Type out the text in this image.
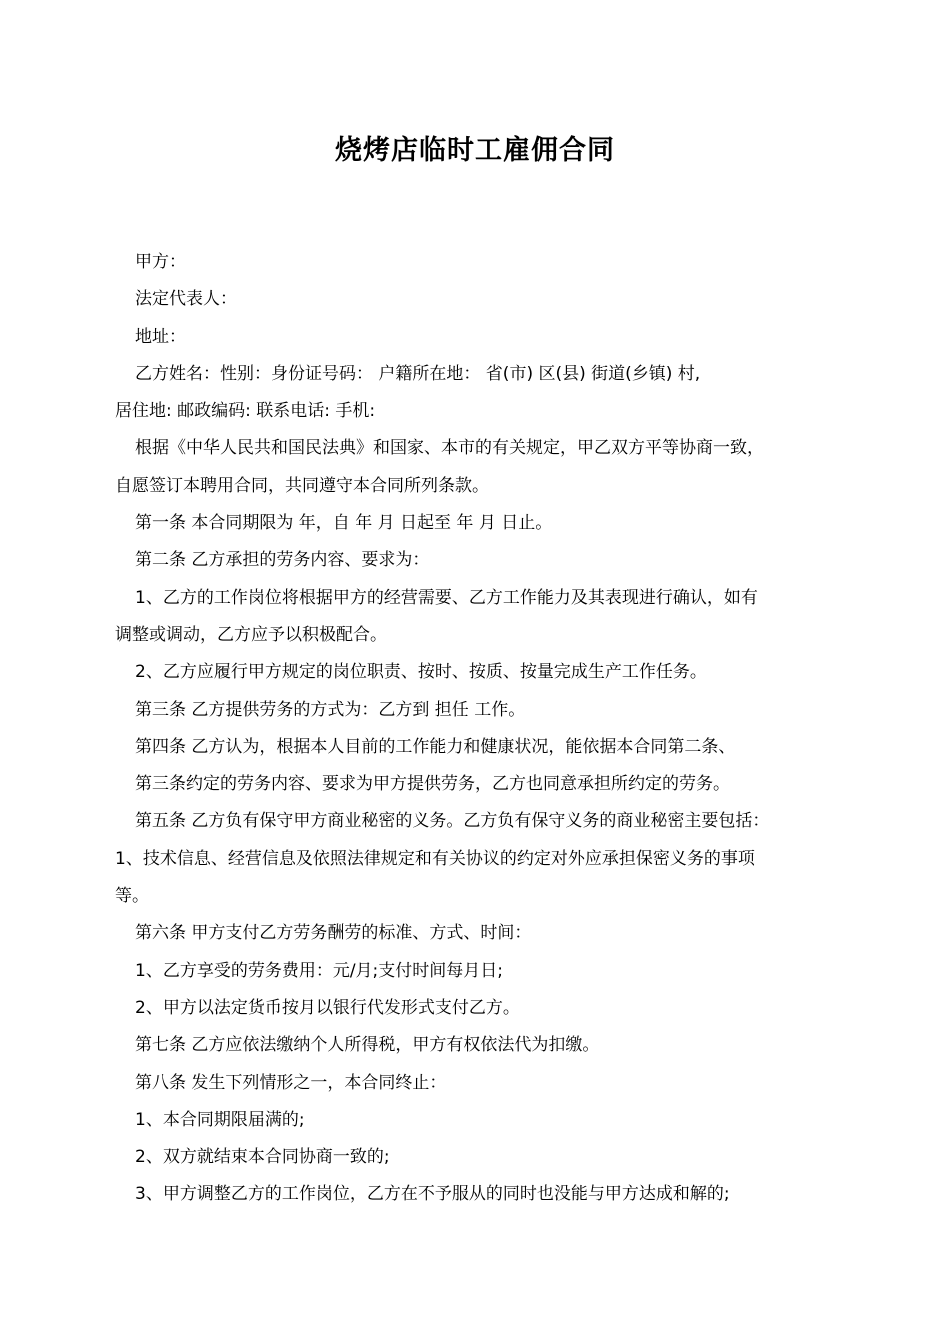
烧烤店临时工雇佣合同

甲方：

法定代表人：

地址：

乙方姓名：性别：身份证号码： 户籍所在地： 省(市) 区(县) 街道(乡镇) 村,

居住地: 邮政编码: 联系电话: 手机:

根据《中华人民共和国民法典》和国家、本市的有关规定，甲乙双方平等协商一致，

自愿签订本聘用合同，共同遵守本合同所列条款。

第一条 本合同期限为 年，自 年 月 日起至 年 月 日止。

第二条 乙方承担的劳务内容、要求为：

1、乙方的工作岗位将根据甲方的经营需要、乙方工作能力及其表现进行确认，如有

调整或调动，乙方应予以积极配合。

2、乙方应履行甲方规定的岗位职责、按时、按质、按量完成生产工作任务。

第三条 乙方提供劳务的方式为：乙方到 担任 工作。

第四条 乙方认为，根据本人目前的工作能力和健康状况，能依据本合同第二条、

第三条约定的劳务内容、要求为甲方提供劳务，乙方也同意承担所约定的劳务。

第五条 乙方负有保守甲方商业秘密的义务。乙方负有保守义务的商业秘密主要包括：

1、技术信息、经营信息及依照法律规定和有关协议的约定对外应承担保密义务的事项

等。

第六条 甲方支付乙方劳务酬劳的标准、方式、时间：

1、乙方享受的劳务费用：元/月;支付时间每月日;

2、甲方以法定货币按月以银行代发形式支付乙方。

第七条 乙方应依法缴纳个人所得税，甲方有权依法代为扣缴。

第八条 发生下列情形之一，本合同终止：

1、本合同期限届满的;

2、双方就结束本合同协商一致的;

3、甲方调整乙方的工作岗位，乙方在不予服从的同时也没能与甲方达成和解的;
